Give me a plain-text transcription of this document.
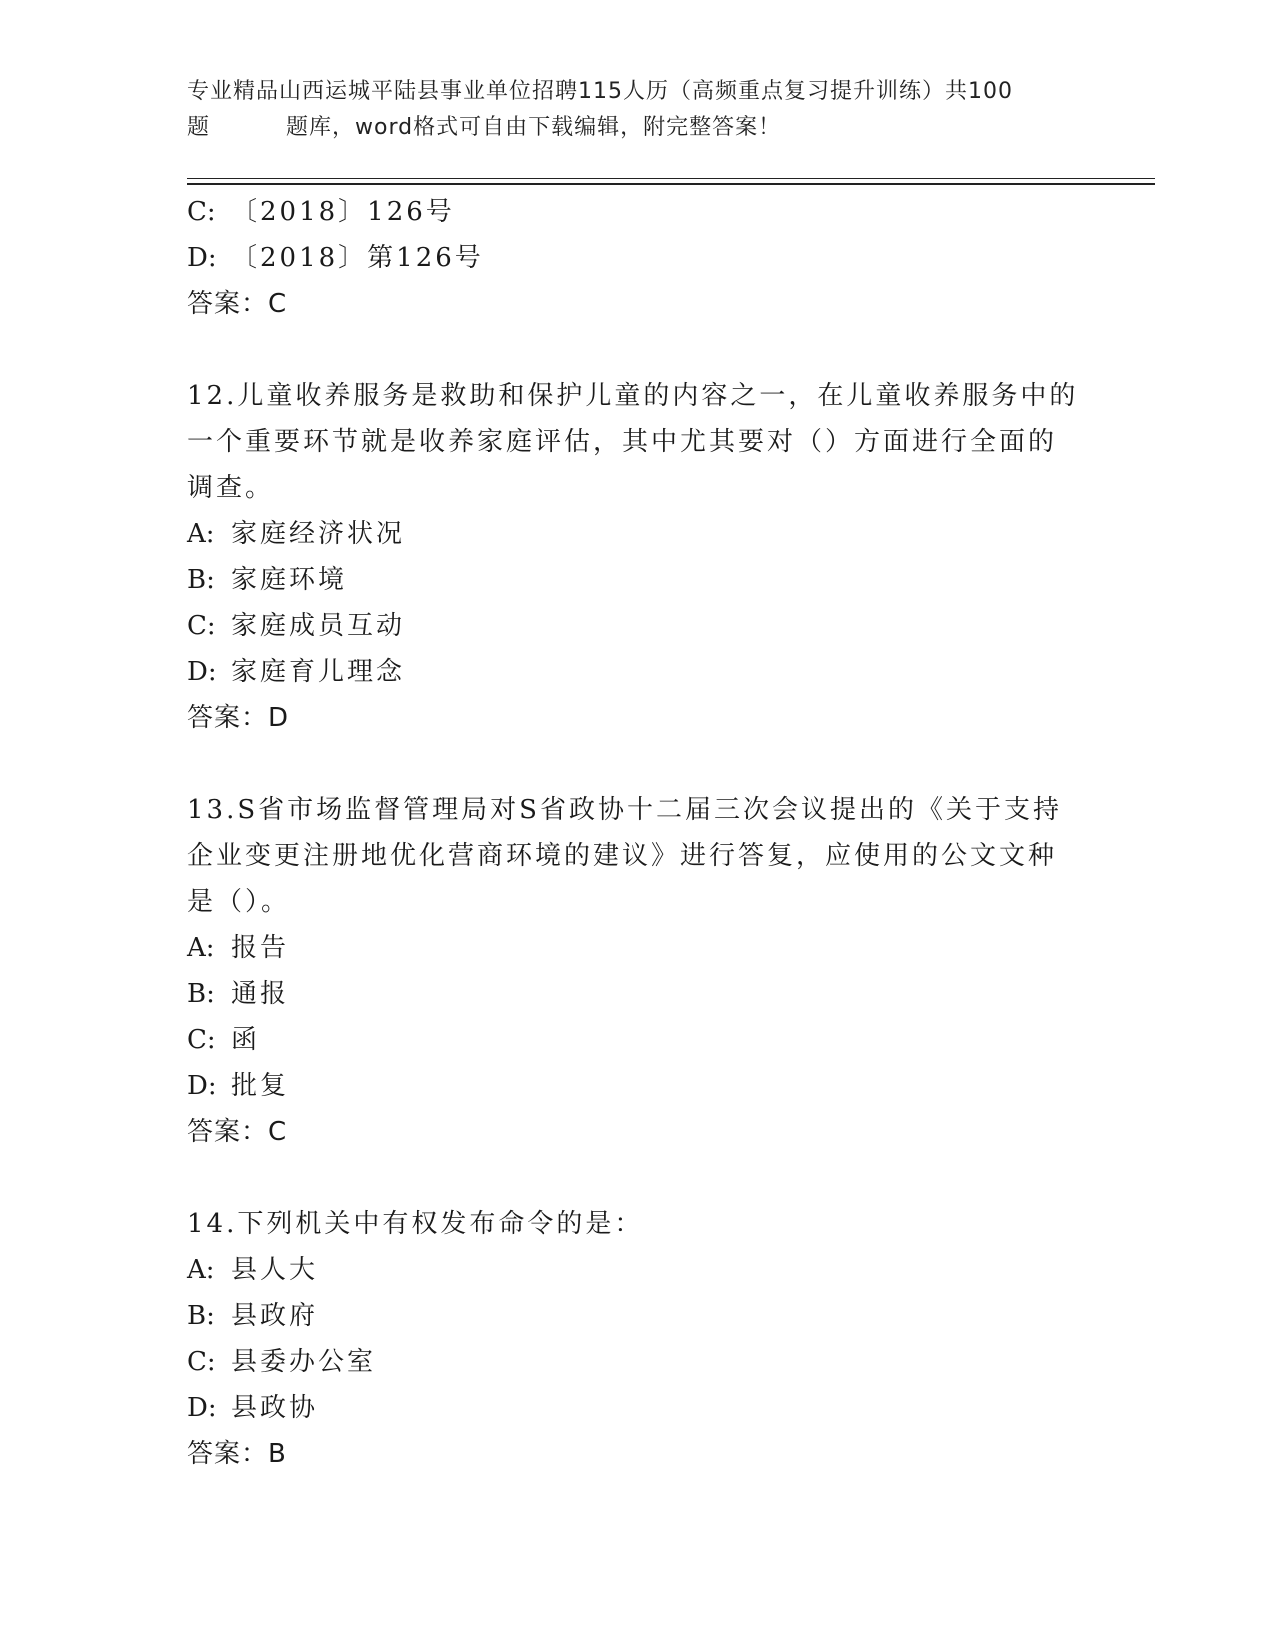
专业精品山西运城平陆县事业单位招聘115人历（高频重点复习提升训练）共100
题	题库，word格式可自由下载编辑，附完整答案！
C: 〔2018〕126号
D: 〔2018〕第126号
答案：C
12.儿童收养服务是救助和保护儿童的内容之一，在儿童收养服务中的
一个重要环节就是收养家庭评估，其中尤其要对（）方面进行全面的
调查。
A: 家庭经济状况
B: 家庭环境
C: 家庭成员互动
D: 家庭育儿理念
答案：D
13.S省市场监督管理局对S省政协十二届三次会议提出的《关于支持
企业变更注册地优化营商环境的建议》进行答复，应使用的公文文种
是（）。
A: 报告
B: 通报
C: 函
D: 批复
答案：C
14.下列机关中有权发布命令的是：
A: 县人大
B: 县政府
C: 县委办公室
D: 县政协
答案：B
